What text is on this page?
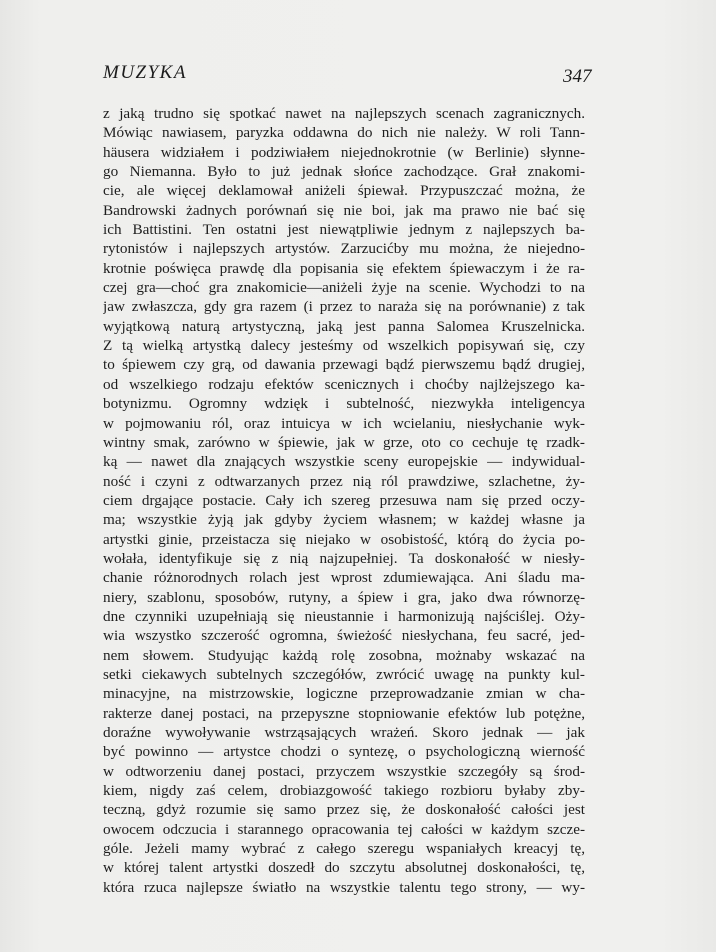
MUZYKA	347
z jaką trudno się spotkać nawet na najlepszych scenach zagranicznych.
Mówiąc nawiasem, paryzka oddawna do nich nie należy. W roli Tann-
häusera widziałem i podziwiałem niejednokrotnie (w Berlinie) słynne-
go Niemanna. Było to już jednak słońce zachodzące. Grał znakomi-
cie, ale więcej deklamował aniżeli śpiewał. Przypuszczać można, że
Bandrowski żadnych porównań się nie boi, jak ma prawo nie bać się
ich Battistini. Ten ostatni jest niewątpliwie jednym z najlepszych ba-
rytonistów i najlepszych artystów. Zarzucićby mu można, że niejedno-
krotnie poświęca prawdę dla popisania się efektem śpiewaczym i że ra-
czej gra—choć gra znakomicie—aniżeli żyje na scenie. Wychodzi to na
jaw zwłaszcza, gdy gra razem (i przez to naraża się na porównanie) z tak
wyjątkową naturą artystyczną, jaką jest panna Salomea Kruszelnicka.
Z tą wielką artystką dalecy jesteśmy od wszelkich popisywań się, czy
to śpiewem czy grą, od dawania przewagi bądź pierwszemu bądź drugiej,
od wszelkiego rodzaju efektów scenicznych i choćby najlżejszego ka-
botynizmu. Ogromny wdzięk i subtelność, niezwykła inteligencya
w pojmowaniu ról, oraz intuicya w ich wcielaniu, niesłychanie wyk-
wintny smak, zarówno w śpiewie, jak w grze, oto co cechuje tę rzadk-
ką — nawet dla znających wszystkie sceny europejskie — indywidual-
ność i czyni z odtwarzanych przez nią ról prawdziwe, szlachetne, ży-
ciem drgające postacie. Cały ich szereg przesuwa nam się przed oczy-
ma; wszystkie żyją jak gdyby życiem własnem; w każdej własne ja
artystki ginie, przeistacza się niejako w osobistość, którą do życia po-
wołała, identyfikuje się z nią najzupełniej. Ta doskonałość w niesły-
chanie różnorodnych rolach jest wprost zdumiewająca. Ani śladu ma-
niery, szablonu, sposobów, rutyny, a śpiew i gra, jako dwa równorzę-
dne czynniki uzupełniają się nieustannie i harmonizują najściślej. Oży-
wia wszystko szczerość ogromna, świeżość niesłychana, feu sacré, jed-
nem słowem. Studyując każdą rolę zosobna, możnaby wskazać na
setki ciekawych subtelnych szczegółów, zwrócić uwagę na punkty kul-
minacyjne, na mistrzowskie, logiczne przeprowadzanie zmian w cha-
rakterze danej postaci, na przepyszne stopniowanie efektów lub potężne,
doraźne wywoływanie wstrząsających wrażeń. Skoro jednak — jak
być powinno — artystce chodzi o syntezę, o psychologiczną wierność
w odtworzeniu danej postaci, przyczem wszystkie szczegóły są środ-
kiem, nigdy zaś celem, drobiazgowość takiego rozbioru byłaby zby-
teczną, gdyż rozumie się samo przez się, że doskonałość całości jest
owocem odczucia i starannego opracowania tej całości w każdym szcze-
góle. Jeżeli mamy wybrać z całego szeregu wspaniałych kreacyj tę,
w której talent artystki doszedł do szczytu absolutnej doskonałości, tę,
która rzuca najlepsze światło na wszystkie talentu tego strony, — wy-
